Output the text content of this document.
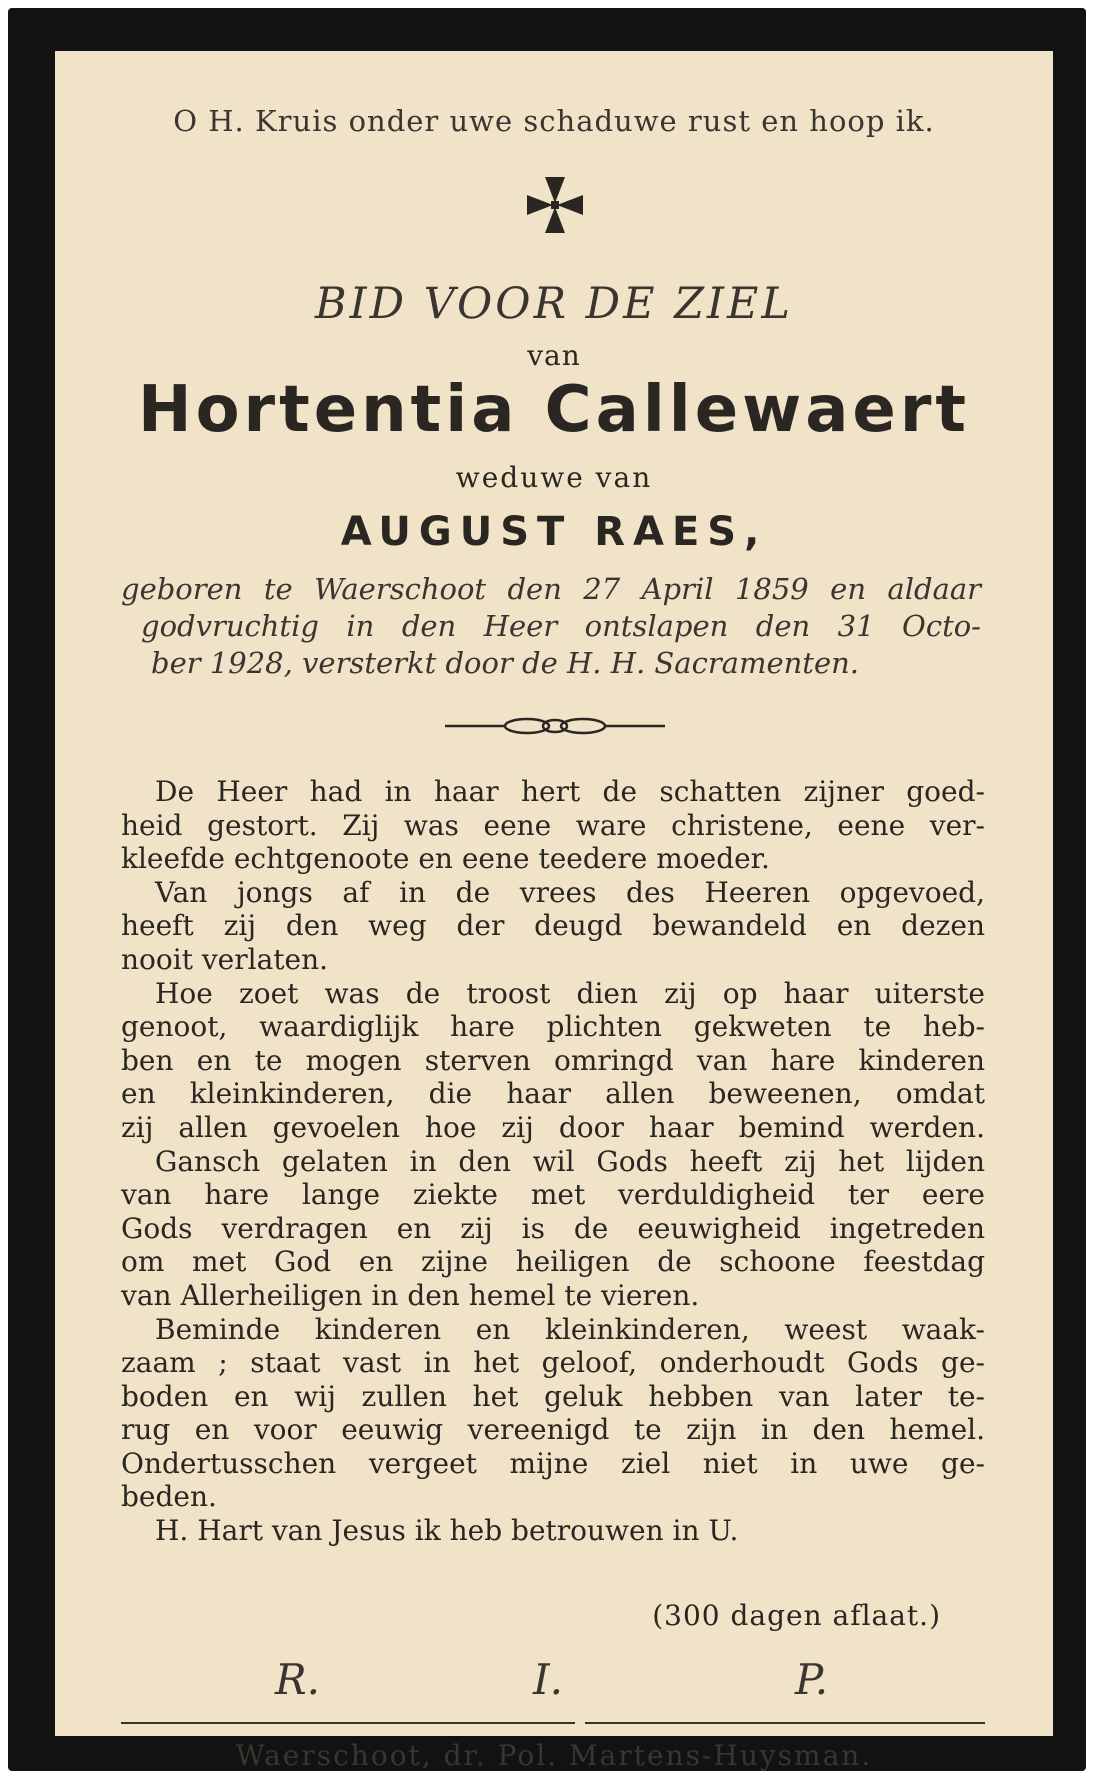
O H. Kruis onder uwe schaduwe rust en hoop ik.
BID VOOR DE ZIEL
van
Hortentia Callewaert
weduwe van
AUGUST RAES,
geboren te Waerschoot den 27 April 1859 en aldaar
godvruchtig in den Heer ontslapen den 31 Octo-
ber 1928, versterkt door de H. H. Sacramenten.
De Heer had in haar hert de schatten zijner goed-
heid gestort. Zij was eene ware christene, eene ver-
kleefde echtgenoote en eene teedere moeder.
Van jongs af in de vrees des Heeren opgevoed,
heeft zij den weg der deugd bewandeld en dezen
nooit verlaten.
Hoe zoet was de troost dien zij op haar uiterste
genoot, waardiglijk hare plichten gekweten te heb-
ben en te mogen sterven omringd van hare kinderen
en kleinkinderen, die haar allen beweenen, omdat
zij allen gevoelen hoe zij door haar bemind werden.
Gansch gelaten in den wil Gods heeft zij het lijden
van hare lange ziekte met verduldigheid ter eere
Gods verdragen en zij is de eeuwigheid ingetreden
om met God en zijne heiligen de schoone feestdag
van Allerheiligen in den hemel te vieren.
Beminde kinderen en kleinkinderen, weest waak-
zaam ; staat vast in het geloof, onderhoudt Gods ge-
boden en wij zullen het geluk hebben van later te-
rug en voor eeuwig vereenigd te zijn in den hemel.
Ondertusschen vergeet mijne ziel niet in uwe ge-
beden.
H. Hart van Jesus ik heb betrouwen in U.
(300 dagen aflaat.)
R.	I.	P.
Waerschoot, dr. Pol. Martens-Huysman.
